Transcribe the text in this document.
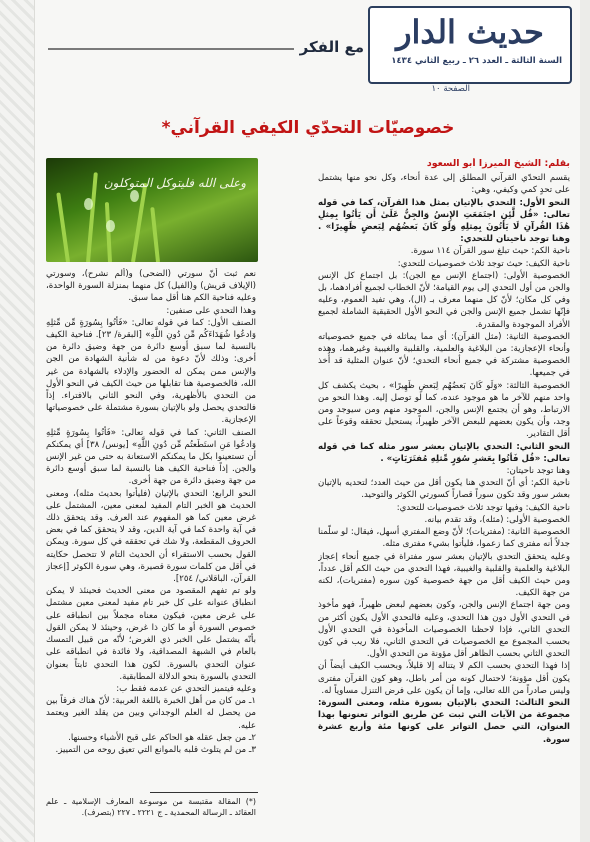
حديث الدار
السنة الثالثة ـ العدد ٢٦ ـ ربيع الثاني ١٤٣٤
الصفحة ١٠
مع الفكر
خصوصيّات التحدّي الكيفي القرآني*
وعلى الله فليتوكل المتوكلون

بقلم: الشيخ الميرزا أبو السعود

يقسم التحدّي القرآني المطلق إلى عدة أنحاء، وكل نحو منها يشتمل على تحدٍ كمي وكيفي، وهي:

النحو الأول: التحدي بالإتيان بمثل هذا القرآن، كما في قوله تعالى: «قُل لَّئِنِ اجتَمَعَتِ الإِنسُ وَالجِنُّ عَلَىٰ أَن يَأتُوا بِمِثلِ هَٰذَا القُرآنِ لَا يَأتُونَ بِمِثلِهِ وَلَو كَانَ بَعضُهُم لِبَعضٍ ظَهِيرًا» . وهنا توجد ناحيتان للتحدي:

ناحية الكم: حيث تبلغ سور القرآن ١١٤ سورة.

ناحية الكيف: حيث توجد ثلاث خصوصيات للتحدي:

الخصوصية الأولى: (اجتماع الإنس مع الجن): بل اجتماع كل الإنس والجن من أول التحدي إلى يوم القيامة؛ لأنّ الخطاب لجميع أفرادهما، بل وفي كل مكان؛ لأنّ كل منهما معرف بـ (ال)، وهي تفيد العموم، وعليه فإنّها تشمل جميع الإنس والجن في النحو الأول الحقيقية الشاملة لجميع الأفراد الموجودة والمقدرة.

الخصوصية الثانية: (مثل القرآن): أي مما يماثله في جميع خصوصياته وأنحاء الإعجازية: من البلاغية والعلمية، والقلبية والغيبية وغيرهما، وهذه الخصوصية مشتركة في جميع أنحاء التحدي؛ لأنّ عنوان المثلية قد أُخذ في جميعها.

الخصوصية الثالثة: «وَلَو كَانَ بَعضُهُم لِبَعضٍ ظَهِيرًا» ، بحيث يكشف كل واحد منهم للآخر ما هو موجود عنده، كما لو توصل إليه. وهذا النحو من الارتباط، وهو أن يجتمع الإنس والجن، الموجود منهم ومن سيوجد ومن وجد، وأن يكون بعضهم للبعض الآخر ظهيراً، يستحيل تحققه وقوعاً على أقل التقادير.

النحو الثاني: التحدي بالإتيان بعشر سور مثله كما في قوله تعالى: «قُل فَأتُوا بِعَشرِ سُوَرٍ مِّثلِهِ مُفتَرَيَاتٍ» .

وهنا توجد ناحيتان:

ناحية الكم: أي أنّ التحدي هنا يكون أقل من حيث العدد؛ لتحديه بالإتيان بعشر سور وقد تكون سوراً قصاراً كسورتي الكوثر والتوحيد.

ناحية الكيف: وفيها توجد ثلاث خصوصيات للتحدي:

الخصوصية الأولى: (مثله)، وقد تقدم بيانه.

الخصوصية الثانية: (مفتريات)؛ لأنّ وضع المفتري أسهل، فيقال: لو سلّمنا جدلاً أنه مفترى كما زعموا، فليأتوا بشيء مفترى مثله.

وعليه يتحقق التحدي بالإتيان بعشر سور مفتراة في جميع أنحاء إعجاز البلاغية والعلمية والقلبية والغيبية، فهذا التحدي من حيث الكم أقل عدداً، ومن حيث الكيف أقل من جهة خصوصية كون سوره (مفتريات)، لكنه من جهة الكيف.

ومن جهة اجتماع الإنس والجن، وكون بعضهم لبعض ظهيراً، فهو مأخوذ في التحدي الأول دون هذا التحدي، وعليه فالتحدي الأول يكون أكثر من التحدي الثاني، فإذا لاحظنا الخصوصيات المأخوذة في التحدي الأول بحسب المجموع مع الخصوصيات في التحدي الثاني، فلا ريب في كون التحدي الثاني بحسب الظاهر أقل مؤونة من التحدي الأول.

إذا فهذا التحدي بحسب الكم لا يتناله إلا قليلاً، وبحسب الكيف أيضاً أن يكون أقل مؤونة؛ لاحتمال كونه من أمر باطل، وهو كون القرآن مفترى وليس صادراً من الله تعالى، وإما أن يكون على فرض التنزل مساوياً له.

النحو الثالث: التحدي بالإتيان بسورة مثله، ومعنى السورة: مجموعة من الآيات التي ثبت عن طريق التواتر تعنونها بهذا العنوان، التي حصل التواتر على كونها مئة وأربع عشرة سورة.

نعم ثبت أنّ سورتي (الضحى) و(ألم نشرح)، وسورتي (الإيلاف قريش) و(الفيل) كل منهما بمنزلة السورة الواحدة، وعليه فناحية الكم هنا أقل مما سبق.

وهذا التحدي على صنفين:

الصنف الأول: كما في قوله تعالى: «فَأتُوا بِسُورَةٍ مِّن مِّثلِهِ وَادعُوا شُهَدَاءَكُم مِّن دُونِ اللَّهِ» [البقرة/ ٢٣]. فناحية الكيف بالنسبة لما سبق أوسع دائرة من جهة وضيق دائرة من أخرى: وذلك لأنّ دعوة من له شأنية الشهادة من الجن والإنس ممن يمكن له الحضور والإدلاء بالشهادة من غير الله، فالخصوصية هنا تقابلها من حيث الكيف في النحو الأول من التحدي بالأظهرية، وفي النحو الثاني بالافتراء. إذاً فالتحدي يحصل ولو بالإتيان بسورة مشتملة على خصوصياتها الإعجازية.

الصنف الثاني: كما في قوله تعالى: «فَأتُوا بِسُورَةٍ مِّثلِهِ وَادعُوا مَنِ استَطَعتُم مِّن دُونِ اللَّهِ» [يونس/ ٣٨] أي يمكنكم أن تستعينوا بكل ما يمكنكم الاستعانة به حتى من غير الإنس والجن. إذاً فناحية الكيف هنا بالنسبة لما سبق أوسع دائرة من جهة وضيق دائرة من جهة أخرى.

النحو الرابع: التحدي بالإتيان (فليأتوا بحديث مثله)، ومعنى الحديث هو الخبر التام المفيد لمعنى معين، المشتمل على غرض معين كما هو المفهوم عند العرف. وقد يتحقق ذلك في آية واحدة كما في آية الدين، وقد لا يتحقق كما في بعض الحروف المقطعة، ولا شك في تحققه في كل سورة. ويمكن القول بحسب الاستقراء أن الحديث التام لا تتحصل حكايته في أقل من كلمات سورة قصيرة، وهي سورة الكوثر [إعجاز القرآن، الباقلاني/ ٢٥٤].

ولو تم تفهم المقصود من معنى الحديث فحينئذ لا يمكن انطباق عنوانه على كل خبر تام مفيد لمعنى معين مشتمل على غرض معين، فيكون معناه مجملاً بين انطباقه على خصوص السورة أو ما كان ذا غرض، وحينئذ لا يمكن القول بأنّه يشتمل على الخبر ذي الغرض؛ لأنّه من قبيل التمسك بالعام في الشبهة المصداقية، ولا فائدة في انطباقه على عنوان التحدي بالسورة. لكون هذا التحدي ثابتاً بعنوان التحدي بالسورة بنحو الدلالة المطابقية.

وعليه فيتميز التحدي عن عدمه فقط ب:

١ـ من كان من أهل الخبرة باللغة العربية: لأنّ هناك فرقاً بين من يحصل له العلم الوجداني وبين من يقلد الغير ويعتمد عليه.

٢ـ من جعل عقله هو الحاكم على قبح الأشياء وحسنها.

٣ـ من لم يتلوث قلبه بالموانع التي تعيق روحه من التمييز.

(*) المقالة مقتبسة من موسوعة المعارف الإسلامية ـ علم العقائد ـ الرسالة المحمدية ـ ج ٢٢٢١ ـ ٢٢٧ (بتصرف).
